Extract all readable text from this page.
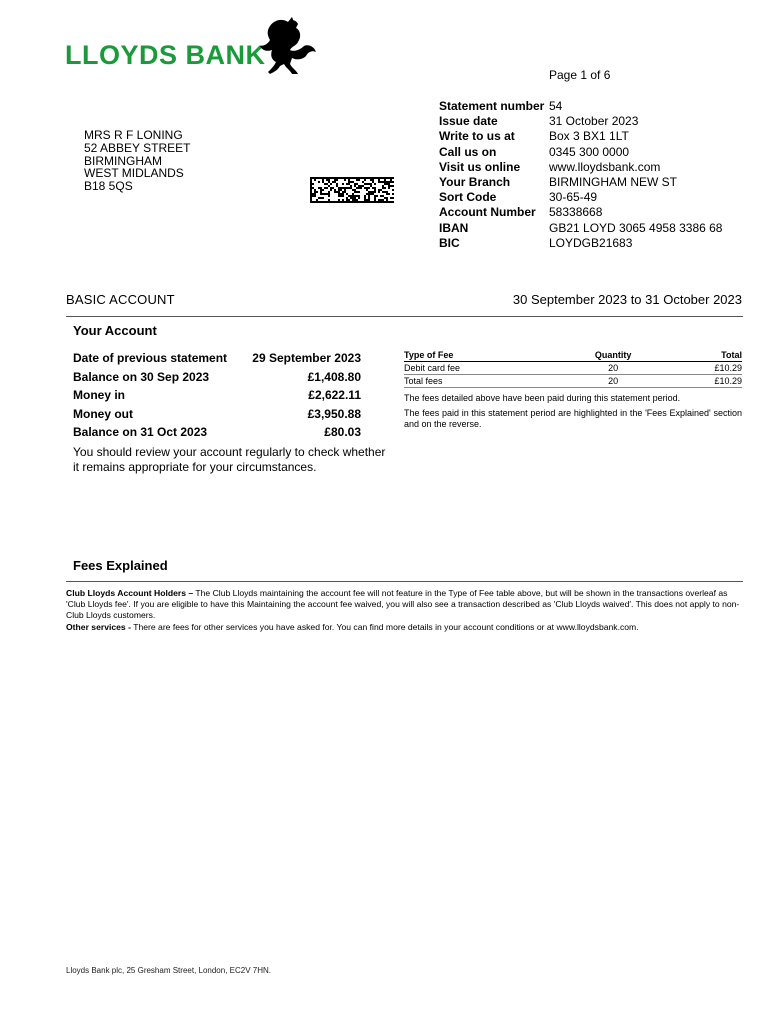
LLOYDS BANK
Page 1 of 6
MRS R F LONING
52 ABBEY STREET
BIRMINGHAM
WEST MIDLANDS
B18 5QS
Statement number 54
Issue date	31 October 2023
Write to us at	Box 3 BX1 1LT
Call us on	0345 300 0000
Visit us online www.lloydsbank.com
Your Branch	BIRMINGHAM NEW ST
Sort Code	30-65-49
Account Number 58338668
IBAN	GB21 LOYD 3065 4958 3386 68
BIC	LOYDGB21683
BASIC ACCOUNT	30 September 2023 to 31 October 2023
Your Account
Date of previous statement 29 September 2023
Balance on 30 Sep 2023	£1,408.80
Money in	£2,622.11
Money out	£3,950.88
Balance on 31 Oct 2023	£80.03
You should review your account regularly to check whether it remains appropriate for your circumstances.
Type of Fee	Quantity	Total
Debit card fee	20	£10.29
Total fees	20	£10.29

The fees detailed above have been paid during this statement period.

The fees paid in this statement period are highlighted in the 'Fees Explained' section and on the reverse.

Fees Explained

Club Lloyds Account Holders – The Club Lloyds maintaining the account fee will not feature in the Type of Fee table above, but will be shown in the transactions overleaf as 'Club Lloyds fee'. If you are eligible to have this Maintaining the account fee waived, you will also see a transaction described as 'Club Lloyds waived'. This does not apply to non-Club Lloyds customers.

Other services - There are fees for other services you have asked for. You can find more details in your account conditions or at www.lloydsbank.com.

Lloyds Bank plc, 25 Gresham Street, London, EC2V 7HN.
